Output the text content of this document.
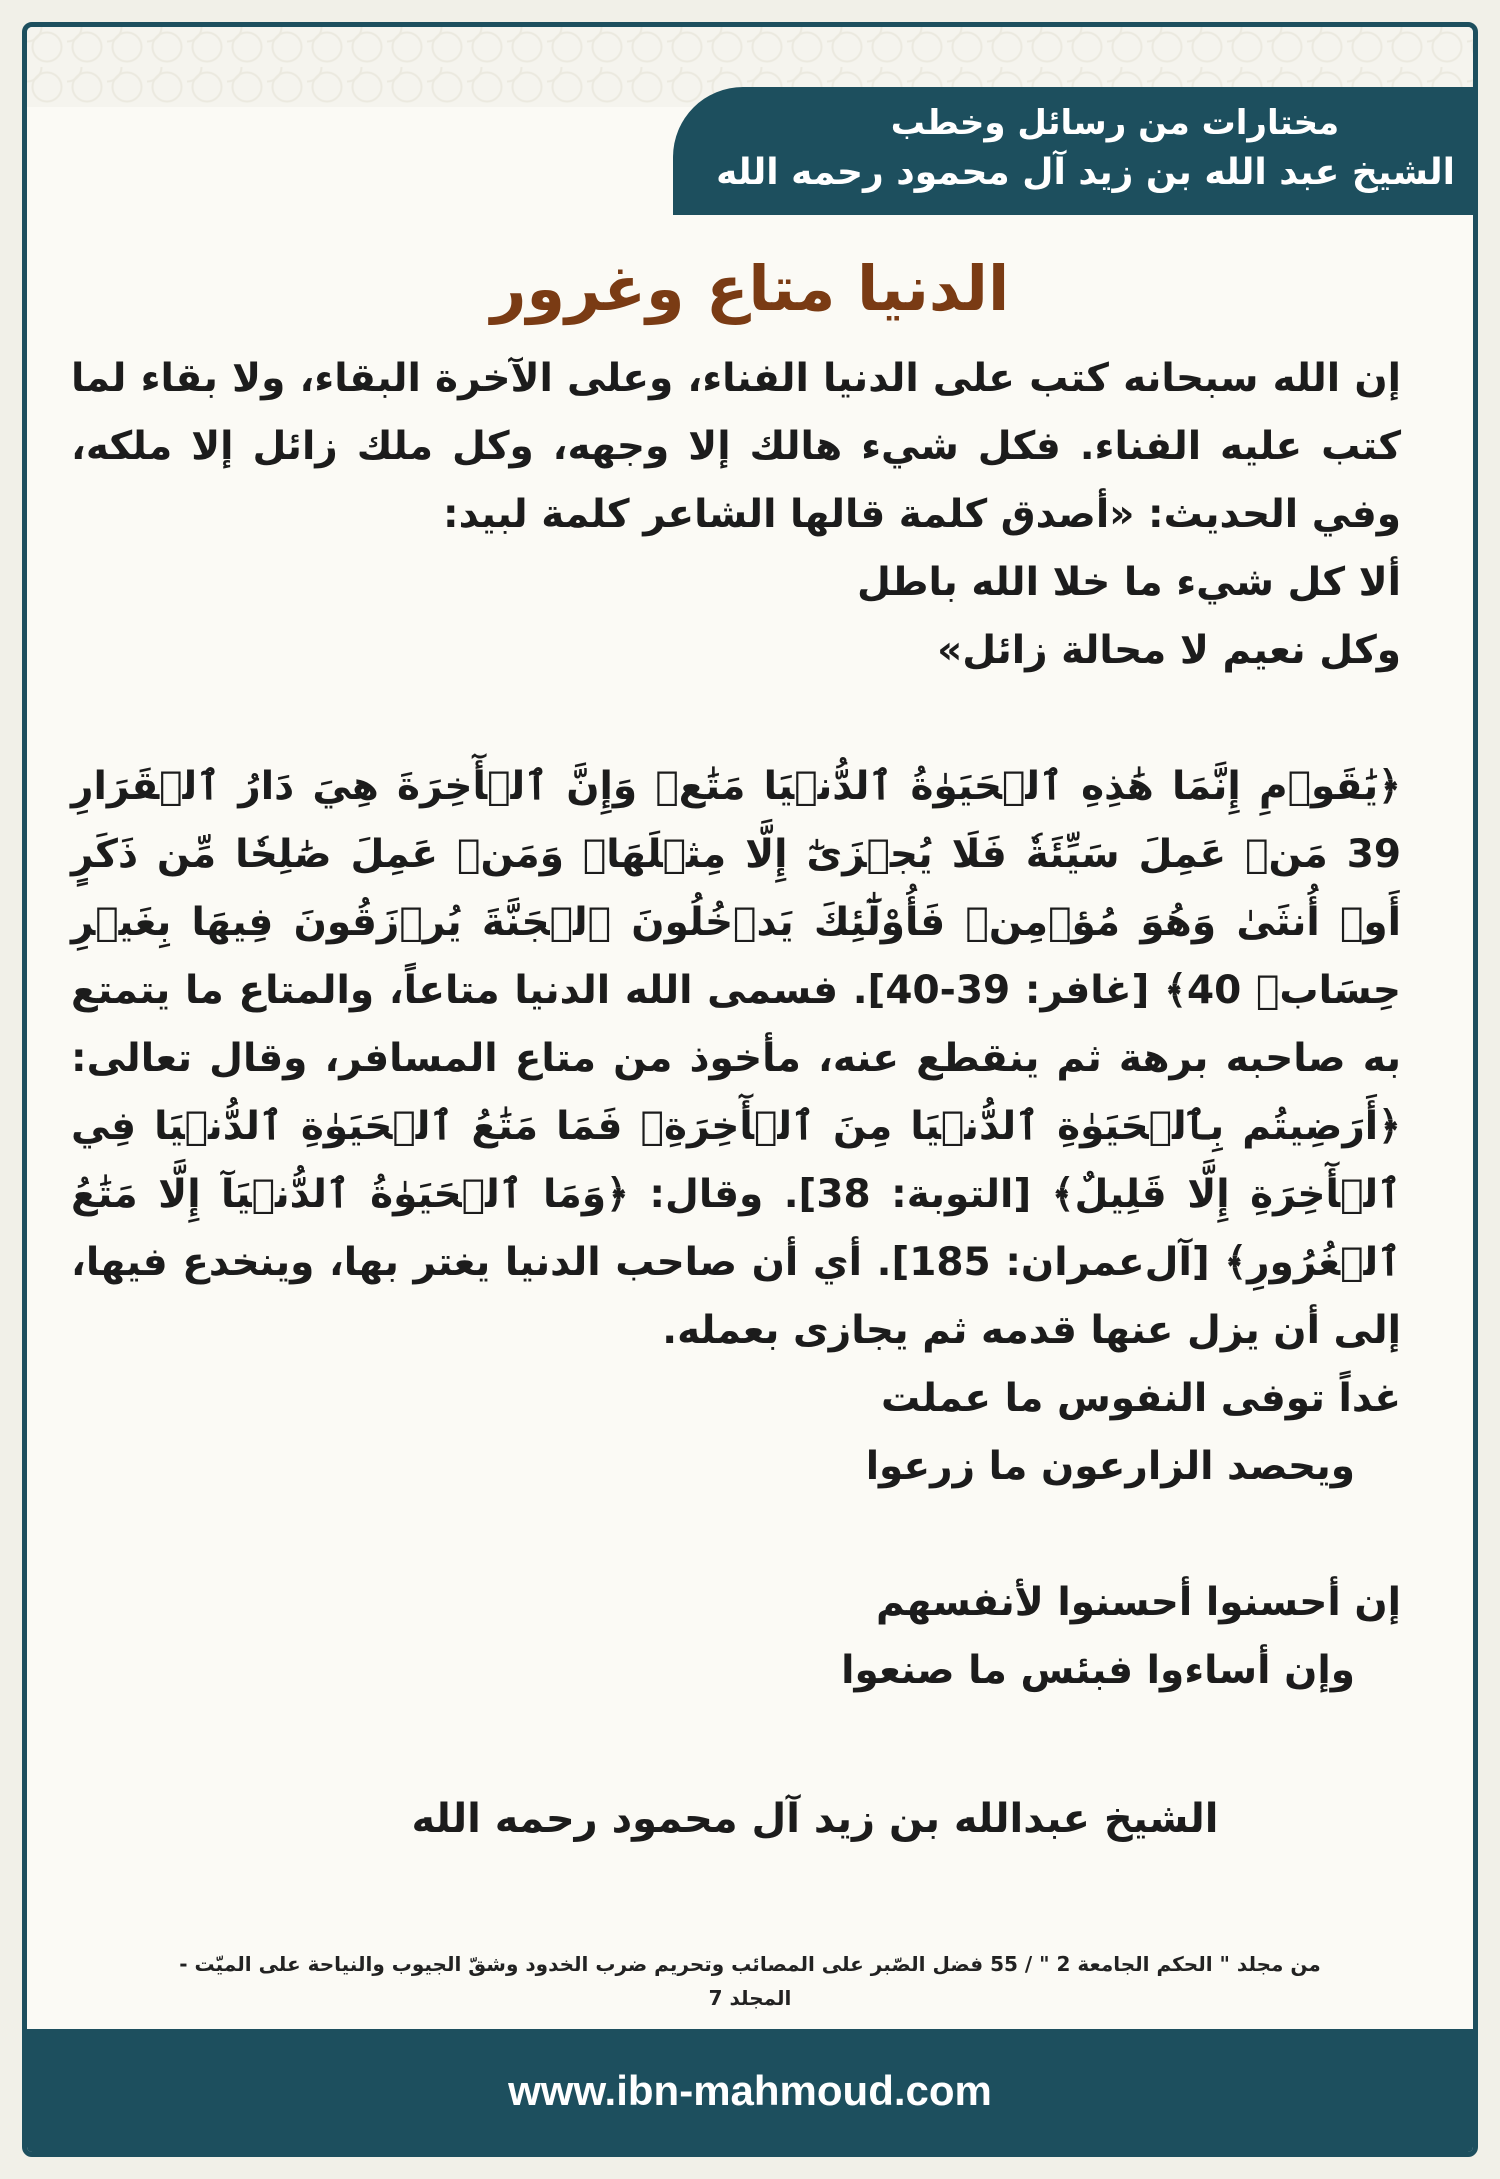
مختارات من رسائل وخطب
الشيخ عبد الله بن زيد آل محمود رحمه الله
الدنيا متاع وغرور

إن الله سبحانه كتب على الدنيا الفناء، وعلى الآخرة البقاء، ولا بقاء لما كتب عليه الفناء. فكل شيء هالك إلا وجهه، وكل ملك زائل إلا ملكه، وفي الحديث: «أصدق كلمة قالها الشاعر كلمة لبيد:

ألا كل شيء ما خلا الله باطل
وكل نعيم لا محالة زائل»

﴿يَٰقَوۡمِ إِنَّمَا هَٰذِهِ ٱلۡحَيَوٰةُ ٱلدُّنۡيَا مَتَٰعٞ وَإِنَّ ٱلۡأٓخِرَةَ هِيَ دَارُ ٱلۡقَرَارِ 39 مَنۡ عَمِلَ سَيِّئَةٗ فَلَا يُجۡزَىٰٓ إِلَّا مِثۡلَهَاۖ وَمَنۡ عَمِلَ صَٰلِحٗا مِّن ذَكَرٍ أَوۡ أُنثَىٰ وَهُوَ مُؤۡمِنٞ فَأُوْلَٰٓئِكَ يَدۡخُلُونَ ٱلۡجَنَّةَ يُرۡزَقُونَ فِيهَا بِغَيۡرِ حِسَابٖ 40﴾ [غافر: 39-40]. فسمى الله الدنيا متاعاً، والمتاع ما يتمتع به صاحبه برهة ثم ينقطع عنه، مأخوذ من متاع المسافر، وقال تعالى: ﴿أَرَضِيتُم بِٱلۡحَيَوٰةِ ٱلدُّنۡيَا مِنَ ٱلۡأٓخِرَةِۚ فَمَا مَتَٰعُ ٱلۡحَيَوٰةِ ٱلدُّنۡيَا فِي ٱلۡأٓخِرَةِ إِلَّا قَلِيلٌ﴾ [التوبة: 38]. وقال: ﴿وَمَا ٱلۡحَيَوٰةُ ٱلدُّنۡيَآ إِلَّا مَتَٰعُ ٱلۡغُرُورِ﴾ [آل‌عمران: 185]. أي أن صاحب الدنيا يغتر بها، وينخدع فيها، إلى أن يزل عنها قدمه ثم يجازى بعمله.

غداً توفى النفوس ما عملت
ويحصد الزارعون ما زرعوا
إن أحسنوا أحسنوا لأنفسهم
وإن أساءوا فبئس ما صنعوا
الشيخ عبدالله بن زيد آل محمود رحمه الله
من مجلد " الحكم الجامعة 2 " / 55 فضل الصّبر على المصائب وتحريم ضرب الخدود وشقّ الجيوب والنياحة على الميّت -
المجلد 7
www.ibn-mahmoud.com
